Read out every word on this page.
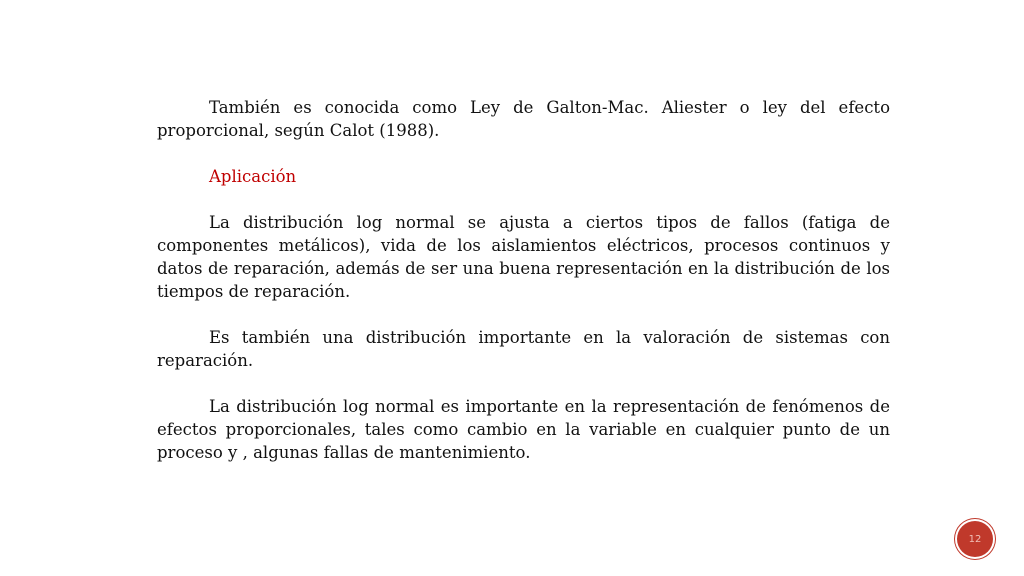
También es conocida como Ley de Galton-Mac. Aliester o ley del efecto proporcional, según Calot (1988).

Aplicación

La distribución log normal se ajusta a ciertos tipos de fallos (fatiga de componentes metálicos), vida de los aislamientos eléctricos, procesos continuos y datos de reparación, además de ser una buena representación en la distribución de los tiempos de reparación.

Es también una distribución importante en la valoración de sistemas con reparación.

La distribución log normal es importante en la representación de fenómenos de efectos proporcionales, tales como cambio en la variable en cualquier punto de un proceso y , algunas fallas de mantenimiento.

12
